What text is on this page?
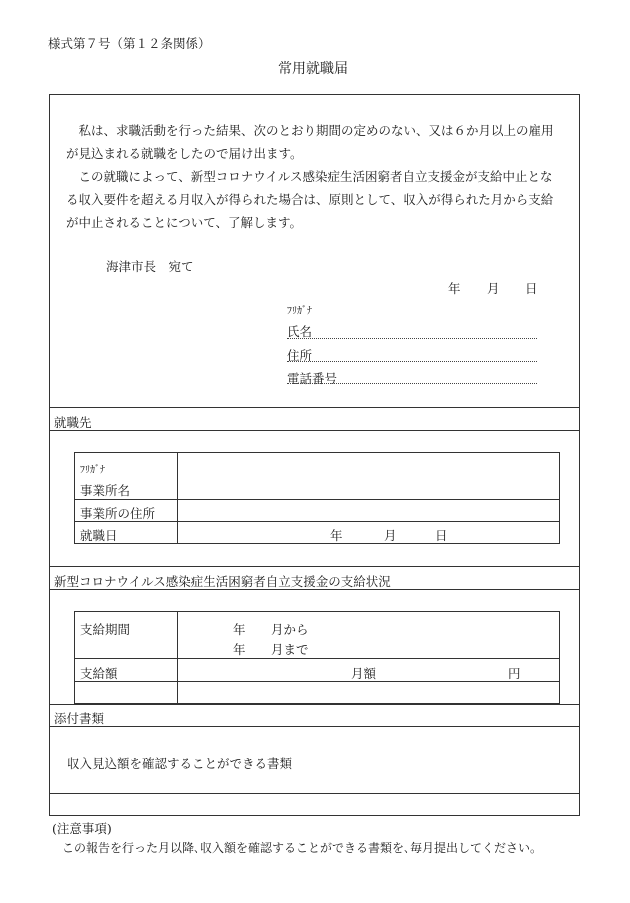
様式第７号（第１２条関係）
常用就職届

私は、求職活動を行った結果、次のとおり期間の定めのない、又は６か月以上の雇用が見込まれる就職をしたので届け出ます。

この就職によって、新型コロナウイルス感染症生活困窮者自立支援金が支給中止となる収入要件を超える月収入が得られた場合は、原則として、収入が得られた月から支給が中止されることについて、了解します。

海津市長　宛て
年 月 日
ﾌﾘｶﾞﾅ
氏名
住所
電話番号
就職先
ﾌﾘｶﾞﾅ
事業所名
事業所の住所
就職日	年	月	日
新型コロナウイルス感染症生活困窮者自立支援金の支給状況
支給期間	年 月から
年 月まで
支給額	月額	円
添付書類
収入見込額を確認することができる書類
(注意事項)
この報告を行った月以降､収入額を確認することができる書類を､毎月提出してください｡
